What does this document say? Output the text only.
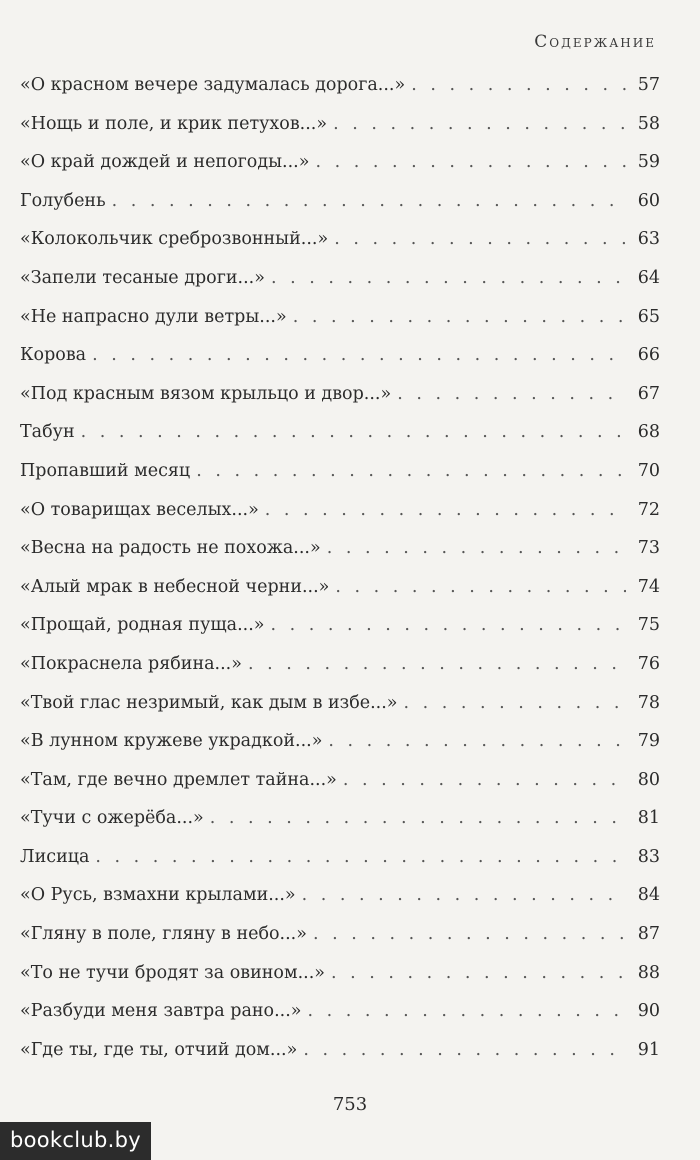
Содержание
«О красном вечере задумалась дорога...» . . .	57
«Нощь и поле, и крик петухов...» . . .	58
«О край дождей и непогоды...» . . .	59
Голубень . . .	60
«Колокольчик среброзвонный...» . . .	63
«Запели тесаные дроги...» . . .	64
«Не напрасно дули ветры...» . . .	65
Корова . . .	66
«Под красным вязом крыльцо и двор...» . . .	67
Табун . . .	68
Пропавший месяц . . .	70
«О товарищах веселых...» . . .	72
«Весна на радость не похожа...» . . .	73
«Алый мрак в небесной черни...» . . .	74
«Прощай, родная пуща...» . . .	75
«Покраснела рябина...» . . .	76
«Твой глас незримый, как дым в избе...» . . .	78
«В лунном кружеве украдкой...» . . .	79
«Там, где вечно дремлет тайна...» . . .	80
«Тучи с ожерёба...» . . .	81
Лисица . . .	83
«О Русь, взмахни крылами...» . . .	84
«Гляну в поле, гляну в небо...» . . .	87
«То не тучи бродят за овином...» . . .	88
«Разбуди меня завтра рано...» . . .	90
«Где ты, где ты, отчий дом...» . . .	91
753
bookclub.by
